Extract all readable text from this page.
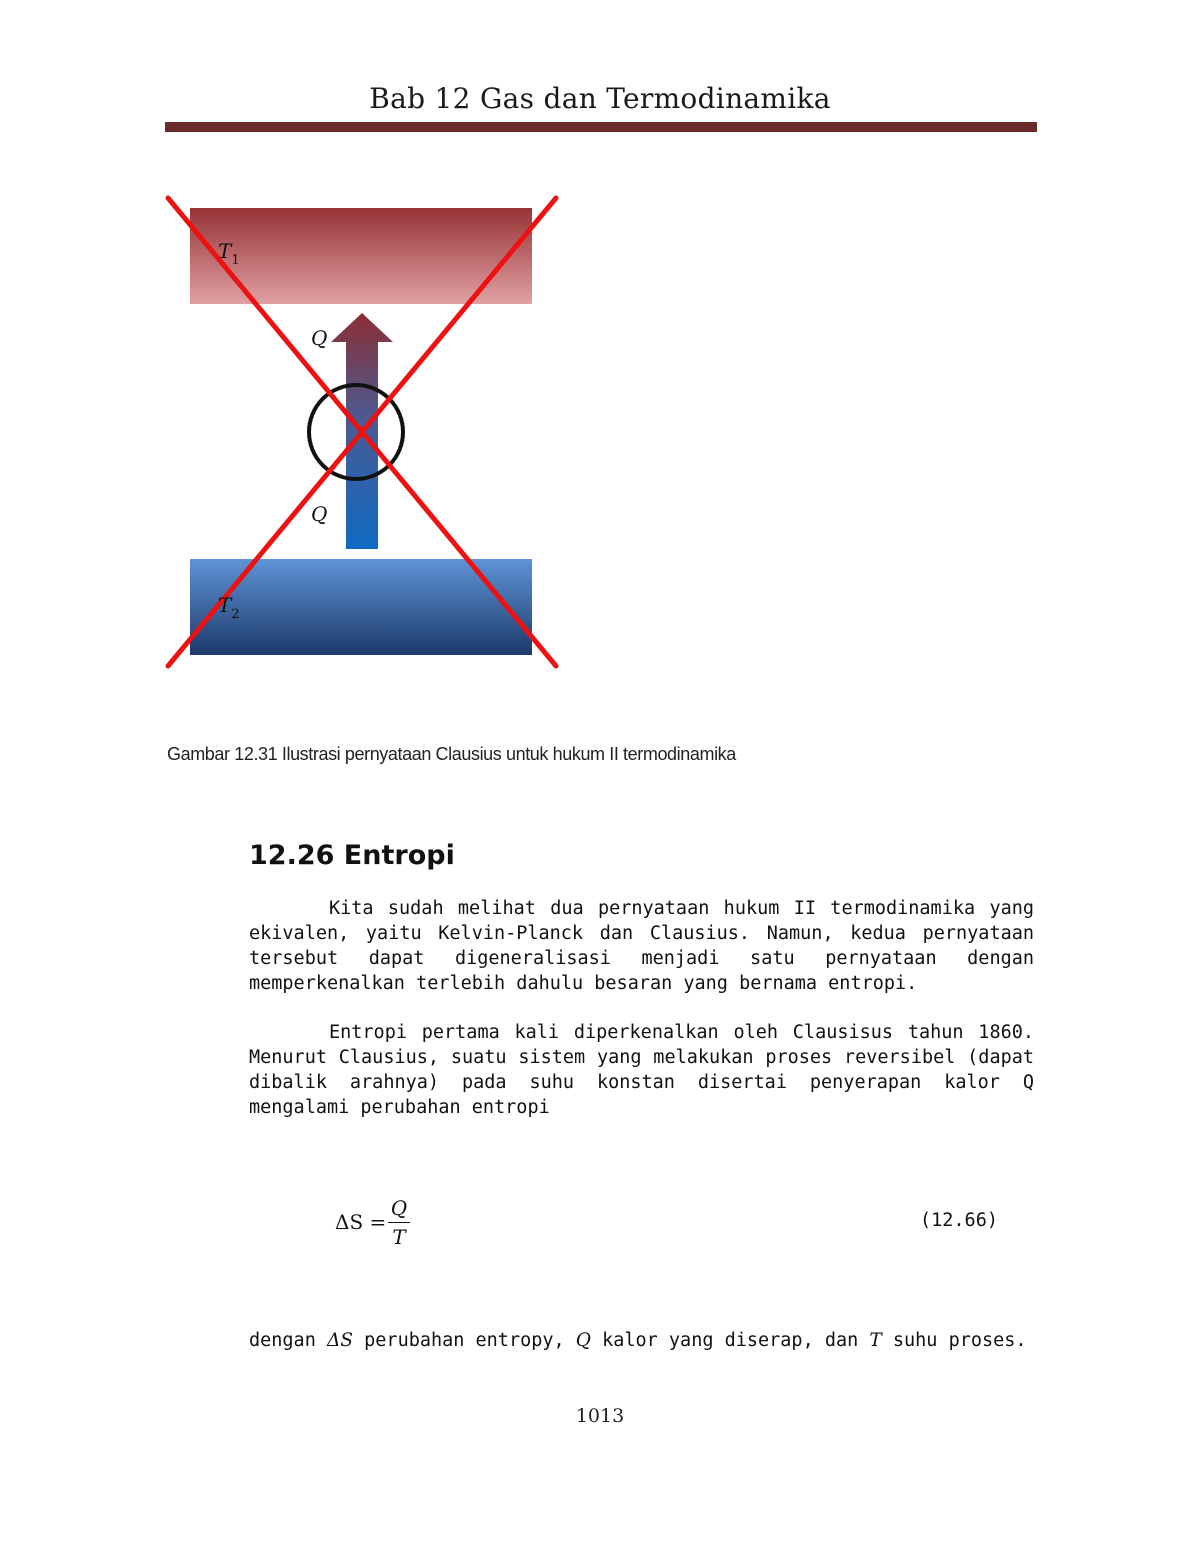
Bab 12 Gas dan Termodinamika
$T_1$
$T_2$
Q
Q
Gambar 12.31 Ilustrasi pernyataan Clausius untuk hukum II termodinamika
12.26 Entropi
Kita sudah melihat dua pernyataan hukum II termodinamika yang ekivalen, yaitu Kelvin-Planck dan Clausius. Namun, kedua pernyataan tersebut dapat digeneralisasi menjadi satu pernyataan dengan memperkenalkan terlebih dahulu besaran yang bernama entropi.
Entropi pertama kali diperkenalkan oleh Clausisus tahun 1860. Menurut Clausius, suatu sistem yang melakukan proses reversibel (dapat dibalik arahnya) pada suhu konstan disertai penyerapan kalor Q mengalami perubahan entropi
ΔS =
Q
T
(12.66)
dengan ΔS perubahan entropy, Q kalor yang diserap, dan T suhu proses.
1013
